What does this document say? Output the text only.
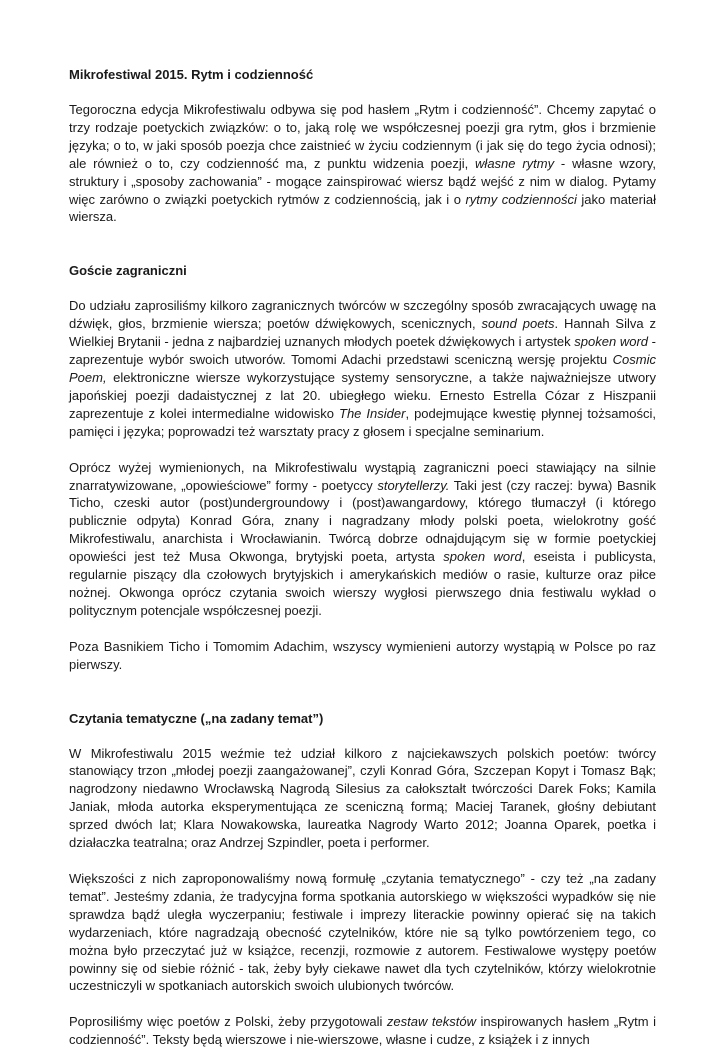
Mikrofestiwal 2015. Rytm i codzienność

Tegoroczna edycja Mikrofestiwalu odbywa się pod hasłem „Rytm i codzienność”. Chcemy zapytać o trzy rodzaje poetyckich związków: o to, jaką rolę we współczesnej poezji gra rytm, głos i brzmienie języka; o to, w jaki sposób poezja chce zaistnieć w życiu codziennym (i jak się do tego życia odnosi); ale również o to, czy codzienność ma, z punktu widzenia poezji, własne rytmy - własne wzory, struktury i „sposoby zachowania” - mogące zainspirować wiersz bądź wejść z nim w dialog. Pytamy więc zarówno o związki poetyckich rytmów z codziennością, jak i o rytmy codzienności jako materiał wiersza.

Goście zagraniczni

Do udziału zaprosiliśmy kilkoro zagranicznych twórców w szczególny sposób zwracających uwagę na dźwięk, głos, brzmienie wiersza; poetów dźwiękowych, scenicznych, sound poets. Hannah Silva z Wielkiej Brytanii - jedna z najbardziej uznanych młodych poetek dźwiękowych i artystek spoken word - zaprezentuje wybór swoich utworów. Tomomi Adachi przedstawi sceniczną wersję projektu Cosmic Poem, elektroniczne wiersze wykorzystujące systemy sensoryczne, a także najważniejsze utwory japońskiej poezji dadaistycznej z lat 20. ubiegłego wieku. Ernesto Estrella Cózar z Hiszpanii zaprezentuje z kolei intermedialne widowisko The Insider, podejmujące kwestię płynnej tożsamości, pamięci i języka; poprowadzi też warsztaty pracy z głosem i specjalne seminarium.

Oprócz wyżej wymienionych, na Mikrofestiwalu wystąpią zagraniczni poeci stawiający na silnie znarratywizowane, „opowieściowe” formy - poetyccy storytellerzy. Taki jest (czy raczej: bywa) Basnik Ticho, czeski autor (post)undergroundowy i (post)awangardowy, którego tłumaczył (i którego publicznie odpyta) Konrad Góra, znany i nagradzany młody polski poeta, wielokrotny gość Mikrofestiwalu, anarchista i Wrocławianin. Twórcą dobrze odnajdującym się w formie poetyckiej opowieści jest też Musa Okwonga, brytyjski poeta, artysta spoken word, eseista i publicysta, regularnie piszący dla czołowych brytyjskich i amerykańskich mediów o rasie, kulturze oraz piłce nożnej. Okwonga oprócz czytania swoich wierszy wygłosi pierwszego dnia festiwalu wykład o politycznym potencjale współczesnej poezji.

Poza Basnikiem Ticho i Tomomim Adachim, wszyscy wymienieni autorzy wystąpią w Polsce po raz pierwszy.

Czytania tematyczne („na zadany temat”)

W Mikrofestiwalu 2015 weźmie też udział kilkoro z najciekawszych polskich poetów: twórcy stanowiący trzon „młodej poezji zaangażowanej”, czyli Konrad Góra, Szczepan Kopyt i Tomasz Bąk; nagrodzony niedawno Wrocławską Nagrodą Silesius za całokształt twórczości Darek Foks; Kamila Janiak, młoda autorka eksperymentująca ze sceniczną formą; Maciej Taranek, głośny debiutant sprzed dwóch lat; Klara Nowakowska, laureatka Nagrody Warto 2012; Joanna Oparek, poetka i działaczka teatralna; oraz Andrzej Szpindler, poeta i performer.

Większości z nich zaproponowaliśmy nową formułę „czytania tematycznego” - czy też „na zadany temat”. Jesteśmy zdania, że tradycyjna forma spotkania autorskiego w większości wypadków się nie sprawdza bądź uległa wyczerpaniu; festiwale i imprezy literackie powinny opierać się na takich wydarzeniach, które nagradzają obecność czytelników, które nie są tylko powtórzeniem tego, co można było przeczytać już w książce, recenzji, rozmowie z autorem. Festiwalowe występy poetów powinny się od siebie różnić - tak, żeby były ciekawe nawet dla tych czytelników, którzy wielokrotnie uczestniczyli w spotkaniach autorskich swoich ulubionych twórców.

Poprosiliśmy więc poetów z Polski, żeby przygotowali zestaw tekstów inspirowanych hasłem „Rytm i codzienność”. Teksty będą wierszowe i nie-wierszowe, własne i cudze, z książek i z innych
